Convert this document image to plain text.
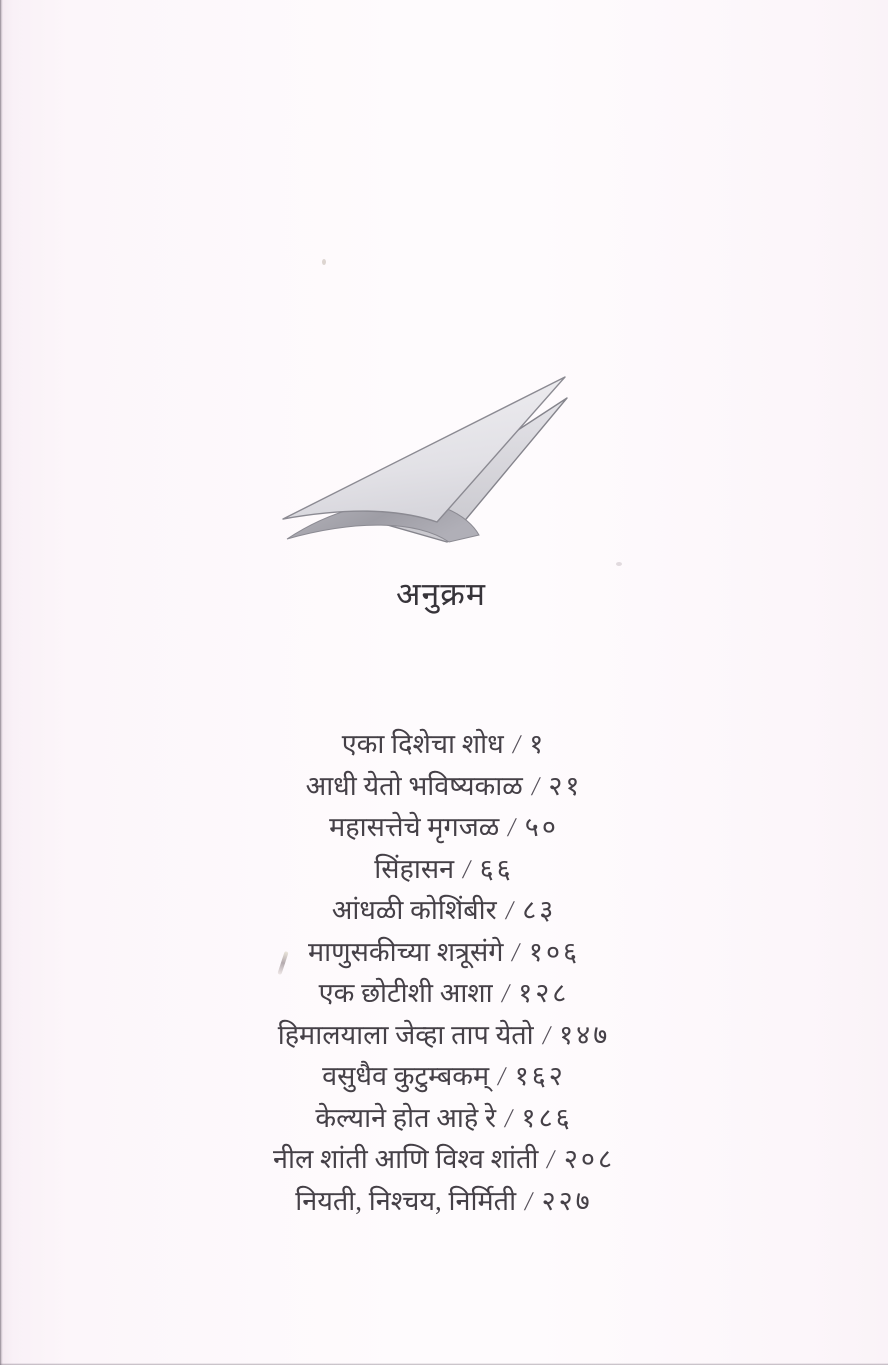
अनुक्रम
एका दिशेचा शोध / १
आधी येतो भविष्यकाळ / २१
महासत्तेचे मृगजळ / ५०
सिंहासन / ६६
आंधळी कोशिंबीर / ८३
माणुसकीच्या शत्रूसंगे / १०६
एक छोटीशी आशा / १२८
हिमालयाला जेव्हा ताप येतो / १४७
वसुधैव कुटुम्बकम् / १६२
केल्याने होत आहे रे / १८६
नील शांती आणि विश्व शांती / २०८
नियती, निश्चय, निर्मिती / २२७
